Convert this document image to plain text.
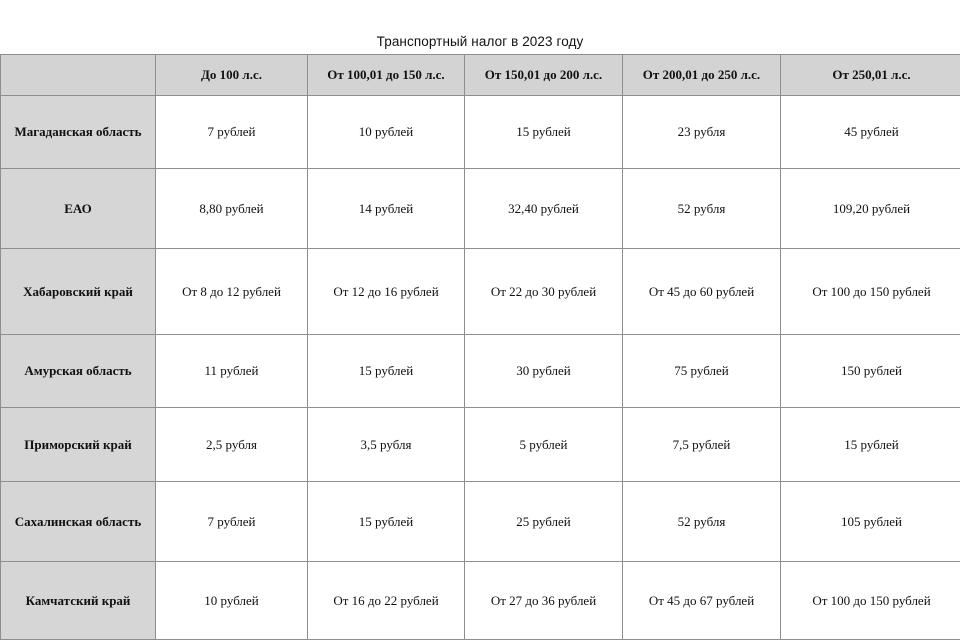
Транспортный налог в 2023 году
	До 100 л.с.	От 100,01 до 150 л.с.	От 150,01 до 200 л.с.	От 200,01 до 250 л.с.	От 250,01 л.с.
Магаданская область	7 рублей	10 рублей	15 рублей	23 рубля	45 рублей
ЕАО	8,80 рублей	14 рублей	32,40 рублей	52 рубля	109,20 рублей
Хабаровский край	От 8 до 12 рублей	От 12 до 16 рублей	От 22 до 30 рублей	От 45 до 60 рублей	От 100 до 150 рублей
Амурская область	11 рублей	15 рублей	30 рублей	75 рублей	150 рублей
Приморский край	2,5 рубля	3,5 рубля	5 рублей	7,5 рублей	15 рублей
Сахалинская область	7 рублей	15 рублей	25 рублей	52 рубля	105 рублей
Камчатский край	10 рублей	От 16 до 22 рублей	От 27 до 36 рублей	От 45 до 67 рублей	От 100 до 150 рублей
